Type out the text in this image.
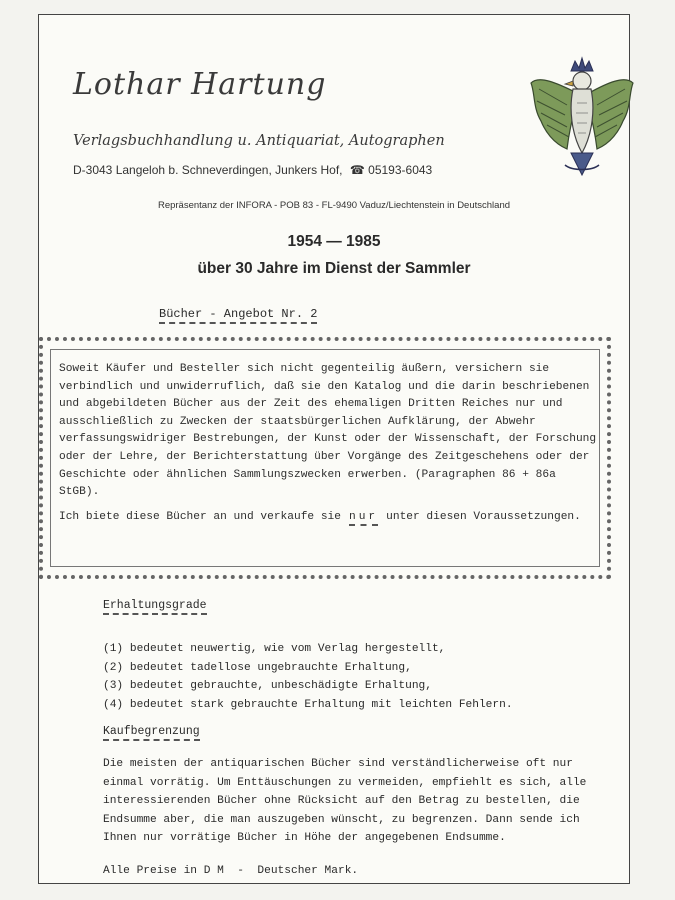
Lothar Hartung
Verlagsbuchhandlung u. Antiquariat, Autographen
D-3043 Langeloh b. Schneverdingen, Junkers Hof, ☎ 05193-6043
Repräsentanz der INFORA - POB 83 - FL-9490 Vaduz/Liechtenstein in Deutschland
1954 — 1985
über 30 Jahre im Dienst der Sammler
Bücher - Angebot Nr. 2

Soweit Käufer und Besteller sich nicht gegenteilig äußern, versichern sie verbindlich und unwiderruflich, daß sie den Katalog und die darin beschriebenen und abgebildeten Bücher aus der Zeit des ehemaligen Dritten Reiches nur und ausschließlich zu Zwecken der staatsbürgerlichen Aufklärung, der Abwehr verfassungswidriger Bestrebungen, der Kunst oder der Wissenschaft, der Forschung oder der Lehre, der Berichterstattung über Vorgänge des Zeitgeschehens oder der Geschichte oder ähnlichen Sammlungszwecken erwerben. (Paragraphen 86 + 86a StGB).

Ich biete diese Bücher an und verkaufe sie nur unter diesen Voraussetzungen.

Erhaltungsgrade
(1) bedeutet neuwertig, wie vom Verlag hergestellt,
(2) bedeutet tadellose ungebrauchte Erhaltung,
(3) bedeutet gebrauchte, unbeschädigte Erhaltung,
(4) bedeutet stark gebrauchte Erhaltung mit leichten Fehlern.
Kaufbegrenzung
Die meisten der antiquarischen Bücher sind verständlicherweise oft nur einmal vorrätig. Um Enttäuschungen zu vermeiden, empfiehlt es sich, alle interessierenden Bücher ohne Rücksicht auf den Betrag zu bestellen, die Endsumme aber, die man auszugeben wünscht, zu begrenzen. Dann sende ich Ihnen nur vorrätige Bücher in Höhe der angegebenen Endsumme.
Alle Preise in D M  -  Deutscher Mark.
